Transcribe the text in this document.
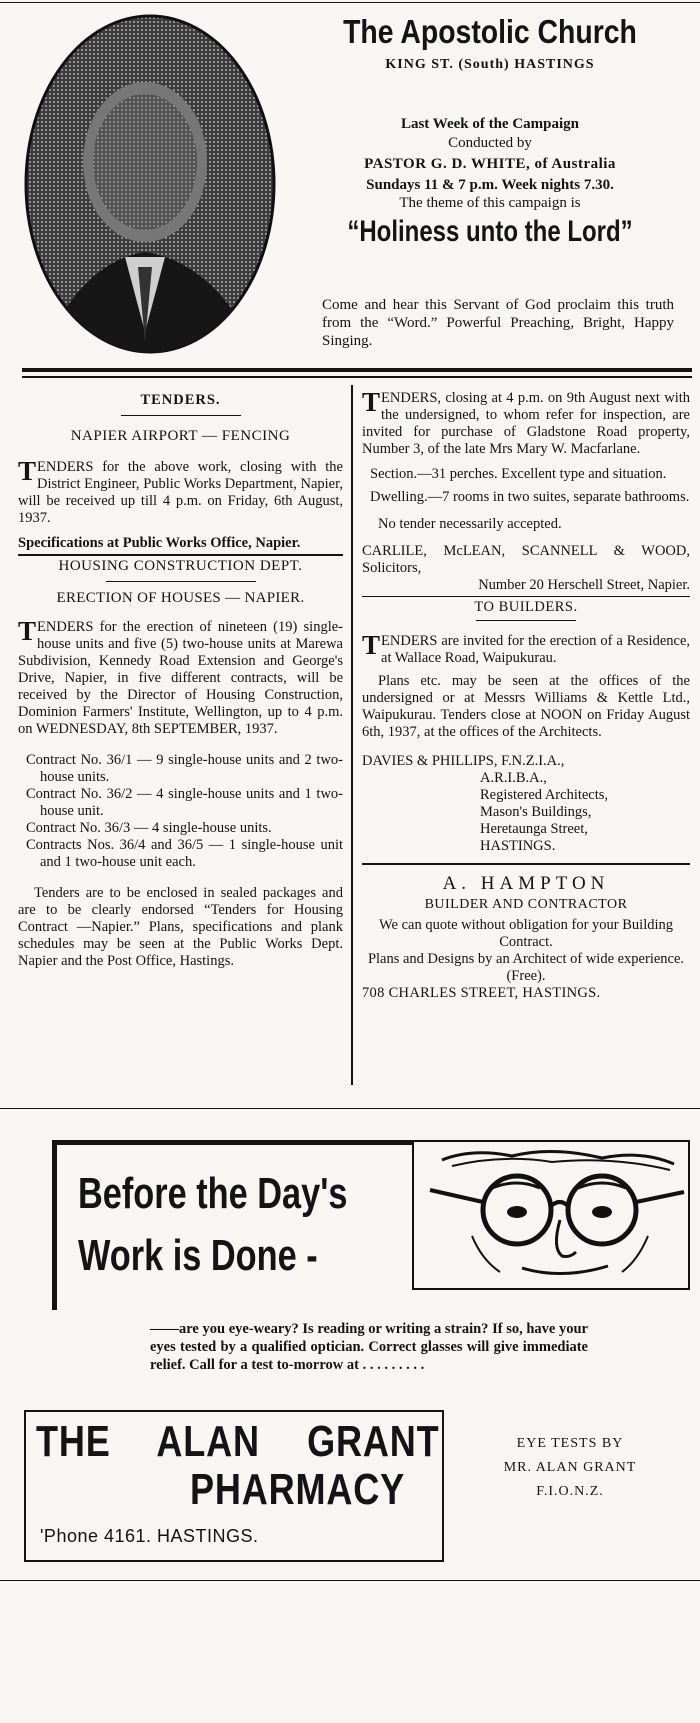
The Apostolic Church
KING ST. (South) HASTINGS
Last Week of the Campaign
Conducted by
PASTOR G. D. WHITE, of Australia
Sundays 11 & 7 p.m. Week nights 7.30.
The theme of this campaign is
“Holiness unto the Lord”
Come and hear this Servant of God proclaim this truth from the “Word.” Powerful Preaching, Bright, Happy Singing.
TENDERS.
NAPIER AIRPORT — FENCING

TENDERS for the above work, closing with the District Engineer, Public Works Department, Napier, will be received up till 4 p.m. on Friday, 6th August, 1937.

Specifications at Public Works Office, Napier.

HOUSING CONSTRUCTION DEPT.
ERECTION OF HOUSES — NAPIER.

TENDERS for the erection of nineteen (19) single-house units and five (5) two-house units at Marewa Subdivision, Kennedy Road Extension and George's Drive, Napier, in five different contracts, will be received by the Director of Housing Construction, Dominion Farmers' Institute, Wellington, up to 4 p.m. on WEDNESDAY, 8th SEPTEMBER, 1937.

Contract No. 36/1 — 9 single-house units and 2 two-house units.

Contract No. 36/2 — 4 single-house units and 1 two-house unit.

Contract No. 36/3 — 4 single-house units.

Contracts Nos. 36/4 and 36/5 — 1 single-house unit and 1 two-house unit each.

Tenders are to be enclosed in sealed packages and are to be clearly endorsed “Tenders for Housing Contract —Napier.” Plans, specifications and plank schedules may be seen at the Public Works Dept. Napier and the Post Office, Hastings.

TENDERS, closing at 4 p.m. on 9th August next with the undersigned, to whom refer for inspection, are invited for purchase of Gladstone Road property, Number 3, of the late Mrs Mary W. Macfarlane.

Section.—31 perches. Excellent type and situation.

Dwelling.—7 rooms in two suites, separate bathrooms.

No tender necessarily accepted.

CARLILE, McLEAN, SCANNELL & WOOD, Solicitors,

Number 20 Herschell Street, Napier.

TO BUILDERS.

TENDERS are invited for the erection of a Residence, at Wallace Road, Waipukurau.

Plans etc. may be seen at the offices of the undersigned or at Messrs Williams & Kettle Ltd., Waipukurau. Tenders close at NOON on Friday August 6th, 1937, at the offices of the Architects.

DAVIES & PHILLIPS, F.N.Z.I.A.,

A.R.I.B.A.,

Registered Architects,

Mason's Buildings,

Heretaunga Street,

HASTINGS.

A. HAMPTON
BUILDER AND CONTRACTOR

We can quote without obligation for your Building Contract.

Plans and Designs by an Architect of wide experience. (Free).

708 CHARLES STREET, HASTINGS.

Before the Day's
Work is Done -
——are you eye-weary? Is reading or writing a strain? If so, have your eyes tested by a qualified optician. Correct glasses will give immediate relief. Call for a test to-morrow at . . . . . . . . .
THE ALAN GRANT
PHARMACY
'Phone 4161. HASTINGS.
EYE TESTS BY
MR. ALAN GRANT
F.I.O.N.Z.
